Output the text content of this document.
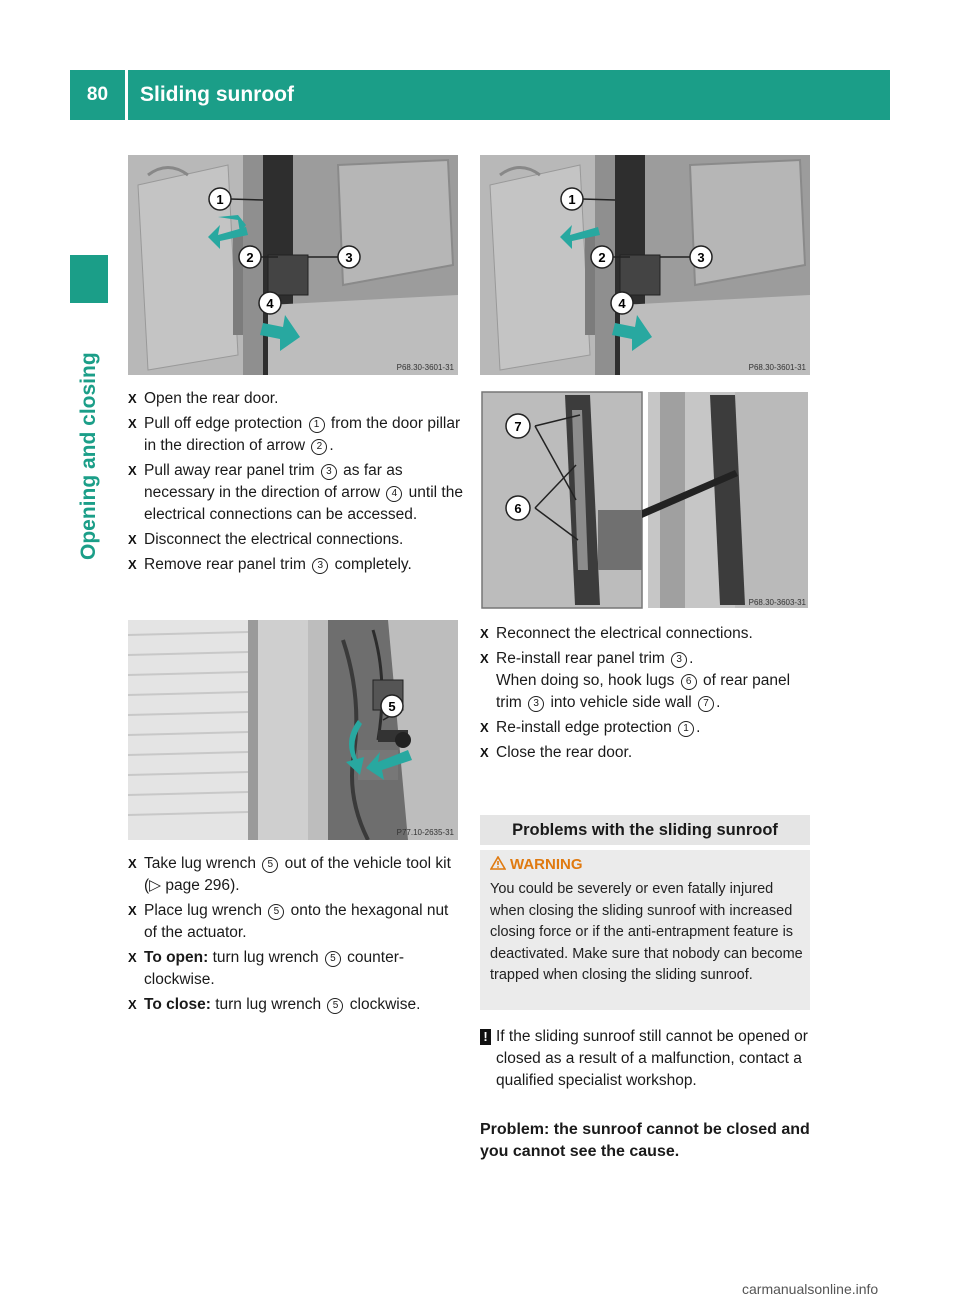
80	Sliding sunroof
Opening and closing
1
2	3
4
P68.30-3601-31
X Open the rear door.
X Pull off edge protection 1 from the door pillar in the direction of arrow 2 .
X Pull away rear panel trim 3 as far as necessary in the direction of arrow 4 until the electrical connections can be accessed.
X Disconnect the electrical connections.
X Remove rear panel trim 3 completely.
5
P77.10-2635-31
X Take lug wrench 5 out of the vehicle tool kit (▷ page 296).
X Place lug wrench 5 onto the hexagonal nut of the actuator.
X To open: turn lug wrench 5 counter-clockwise.
X To close: turn lug wrench 5 clockwise.
1
2	3
4
P68.30-3601-31
7
6
P68.30-3603-31
X Reconnect the electrical connections.
X Re-install rear panel trim 3 .
When doing so, hook lugs 6 of rear panel trim 3 into vehicle side wall 7 .
X Re-install edge protection 1 .
X Close the rear door.
Problems with the sliding sunroof
WARNING
You could be severely or even fatally injured when closing the sliding sunroof with increased closing force or if the anti-entrapment feature is deactivated. Make sure that nobody can become trapped when closing the sliding sunroof.
! If the sliding sunroof still cannot be opened or closed as a result of a malfunction, contact a qualified specialist workshop.
Problem: the sunroof cannot be closed and you cannot see the cause.
carmanualsonline.info
